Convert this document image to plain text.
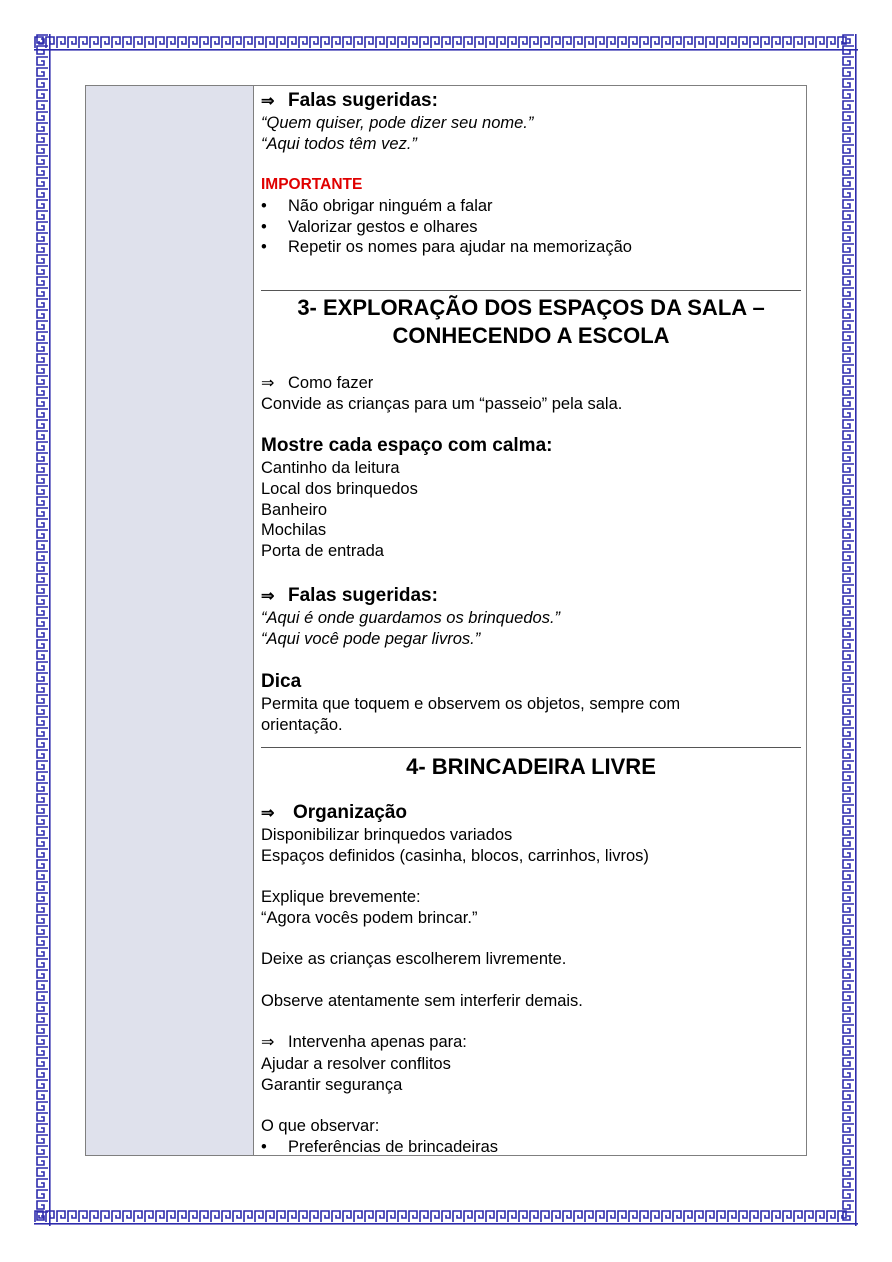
⇒ Falas sugeridas:
“Quem quiser, pode dizer seu nome.”
“Aqui todos têm vez.”
IMPORTANTE
• Não obrigar ninguém a falar
• Valorizar gestos e olhares
• Repetir os nomes para ajudar na memorização
3- EXPLORAÇÃO DOS ESPAÇOS DA SALA –
CONHECENDO A ESCOLA
⇒ Como fazer
Convide as crianças para um “passeio” pela sala.
Mostre cada espaço com calma:
Cantinho da leitura
Local dos brinquedos
Banheiro
Mochilas
Porta de entrada
⇒ Falas sugeridas:
“Aqui é onde guardamos os brinquedos.”
“Aqui você pode pegar livros.”
Dica
Permita que toquem e observem os objetos, sempre com
orientação.
4- BRINCADEIRA LIVRE
⇒ Organização
Disponibilizar brinquedos variados
Espaços definidos (casinha, blocos, carrinhos, livros)
Explique brevemente:
“Agora vocês podem brincar.”
Deixe as crianças escolherem livremente.
Observe atentamente sem interferir demais.
⇒ Intervenha apenas para:
Ajudar a resolver conflitos
Garantir segurança
O que observar:
• Preferências de brincadeiras
